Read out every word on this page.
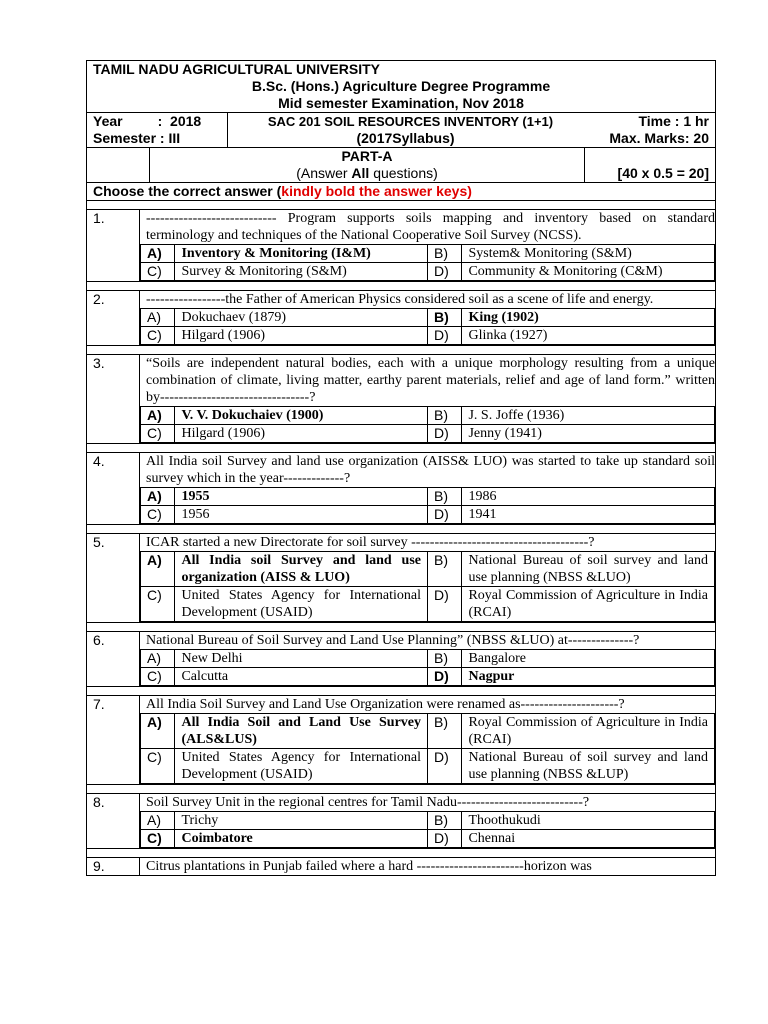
TAMIL NADU AGRICULTURAL UNIVERSITY
B.Sc. (Hons.) Agriculture Degree Programme
Mid semester Examination, Nov 2018
Year         :  2018	SAC 201 SOIL RESOURCES INVENTORY (1+1)	Time : 1 hr
Semester : III	(2017Syllabus)	Max. Marks: 20
PART-A
(Answer All questions)	[40 x 0.5 = 20]
Choose the correct answer (kindly bold the answer keys)
1.	---------------------------- Program supports soils mapping and inventory based on standard terminology and techniques of the National Cooperative Soil Survey (NCSS).
A)	Inventory & Monitoring (I&M)	B)	System& Monitoring (S&M)
C)	Survey & Monitoring (S&M)	D)	Community & Monitoring (C&M)
2.	-----------------the Father of American Physics considered soil as a scene of life and energy.
A)	Dokuchaev (1879)	B)	King (1902)
C)	Hilgard (1906)	D)	Glinka (1927)
3.	“Soils are independent natural bodies, each with a unique morphology resulting from a unique combination of climate, living matter, earthy parent materials, relief and age of land form.” written by--------------------------------?
A)	V. V. Dokuchaiev (1900)	B)	J. S. Joffe (1936)
C)	Hilgard (1906)	D)	Jenny (1941)
4.	All India soil Survey and land use organization (AISS& LUO) was started to take up standard soil survey which in the year-------------?
A)	1955	B)	1986
C)	1956	D)	1941
5.	ICAR started a new Directorate for soil survey --------------------------------------?
A)	All India soil Survey and land use organization (AISS & LUO)	B)	National Bureau of soil survey and land use planning (NBSS &LUO)
C)	United States Agency for International Development (USAID)	D)	Royal Commission of Agriculture in India (RCAI)
6.	National Bureau of Soil Survey and Land Use Planning” (NBSS &LUO) at--------------?
A)	New Delhi	B)	Bangalore
C)	Calcutta	D)	Nagpur
7.	All India Soil Survey and Land Use Organization were renamed as---------------------?
A)	All India Soil and Land Use Survey (ALS&LUS)	B)	Royal Commission of Agriculture in India (RCAI)
C)	United States Agency for International Development (USAID)	D)	National Bureau of soil survey and land use planning (NBSS &LUP)
8.	Soil Survey Unit in the regional centres for Tamil Nadu---------------------------?
A)	Trichy	B)	Thoothukudi
C)	Coimbatore	D)	Chennai
9.	Citrus plantations in Punjab failed where a hard -----------------------horizon was
